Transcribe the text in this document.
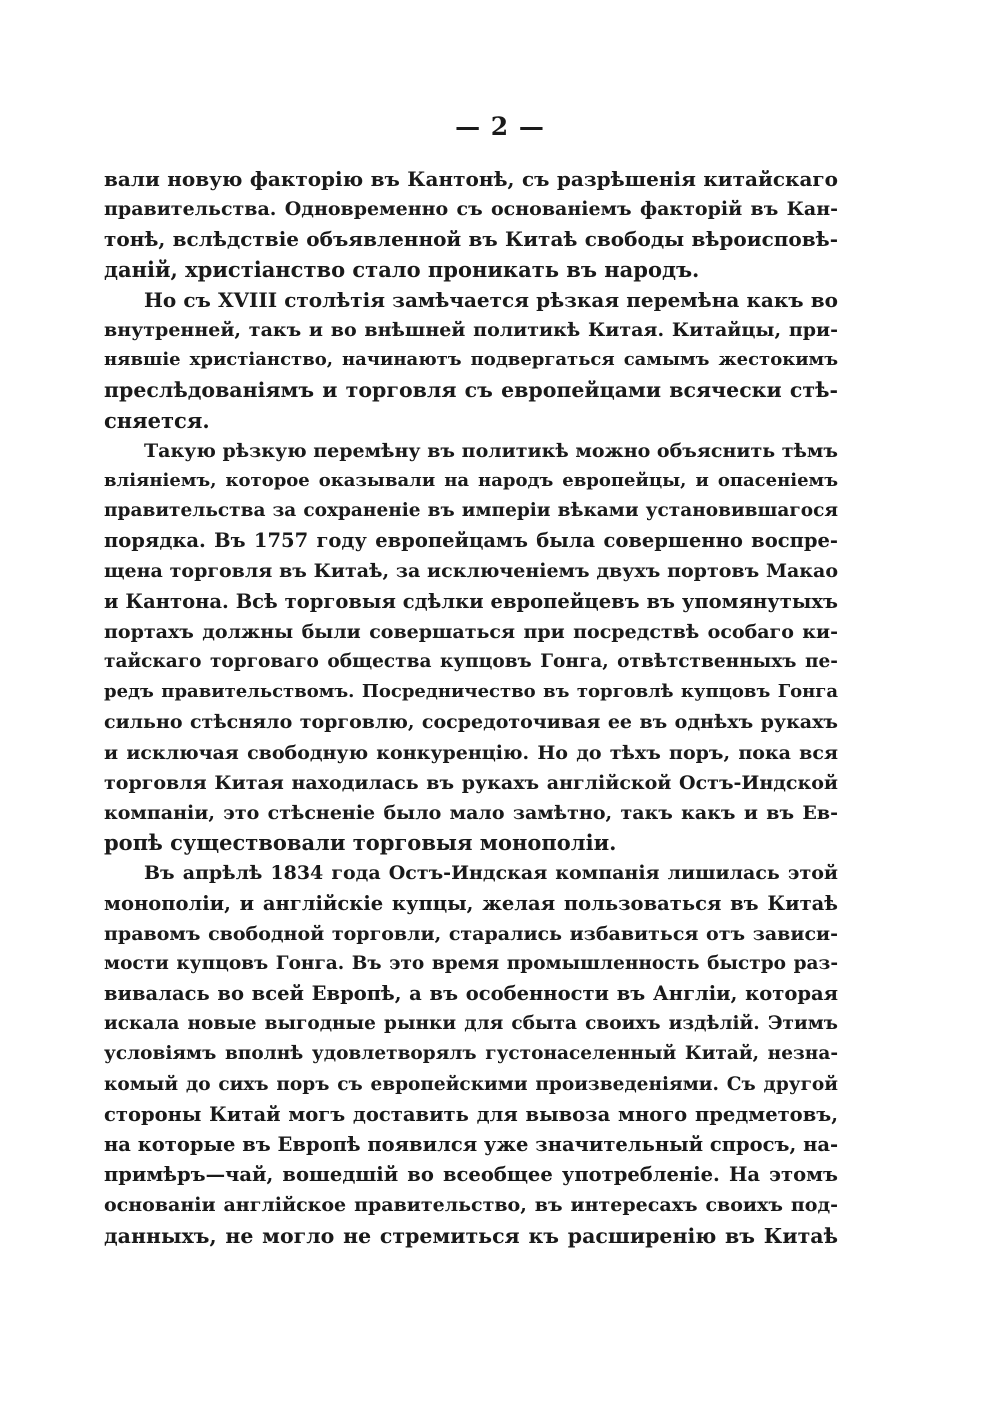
— 2 —
вали новую факторію въ Кантонѣ, съ разрѣшенія китайскаго
правительства. Одновременно съ основаніемъ факторій въ Кан-
тонѣ, вслѣдствіе объявленной въ Китаѣ свободы вѣроисповѣ-
даній, христіанство стало проникать въ народъ.
Но съ XVIII столѣтія замѣчается рѣзкая перемѣна какъ во
внутренней, такъ и во внѣшней политикѣ Китая. Китайцы, при-
нявшіе христіанство, начинаютъ подвергаться самымъ жестокимъ
преслѣдованіямъ и торговля съ европейцами всячески стѣ-
сняется.
Такую рѣзкую перемѣну въ политикѣ можно объяснить тѣмъ
вліяніемъ, которое оказывали на народъ европейцы, и опасеніемъ
правительства за сохраненіе въ имперіи вѣками установившагося
порядка. Въ 1757 году европейцамъ была совершенно воспре-
щена торговля въ Китаѣ, за исключеніемъ двухъ портовъ Макао
и Кантона. Всѣ торговыя сдѣлки европейцевъ въ упомянутыхъ
портахъ должны были совершаться при посредствѣ особаго ки-
тайскаго торговаго общества купцовъ Гонга, отвѣтственныхъ пе-
редъ правительствомъ. Посредничество въ торговлѣ купцовъ Гонга
сильно стѣсняло торговлю, сосредоточивая ее въ однѣхъ рукахъ
и исключая свободную конкуренцію. Но до тѣхъ поръ, пока вся
торговля Китая находилась въ рукахъ англійской Остъ-Индской
компаніи, это стѣсненіе было мало замѣтно, такъ какъ и въ Ев-
ропѣ существовали торговыя монополіи.
Въ апрѣлѣ 1834 года Остъ-Индская компанія лишилась этой
монополіи, и англійскіе купцы, желая пользоваться въ Китаѣ
правомъ свободной торговли, старались избавиться отъ зависи-
мости купцовъ Гонга. Въ это время промышленность быстро раз-
вивалась во всей Европѣ, а въ особенности въ Англіи, которая
искала новые выгодные рынки для сбыта своихъ издѣлій. Этимъ
условіямъ вполнѣ удовлетворялъ густонаселенный Китай, незна-
комый до сихъ поръ съ европейскими произведеніями. Съ другой
стороны Китай могъ доставить для вывоза много предметовъ,
на которые въ Европѣ появился уже значительный спросъ, на-
примѣръ—чай, вошедшій во всеобщее употребленіе. На этомъ
основаніи англійское правительство, въ интересахъ своихъ под-
данныхъ, не могло не стремиться къ расширенію въ Китаѣ
